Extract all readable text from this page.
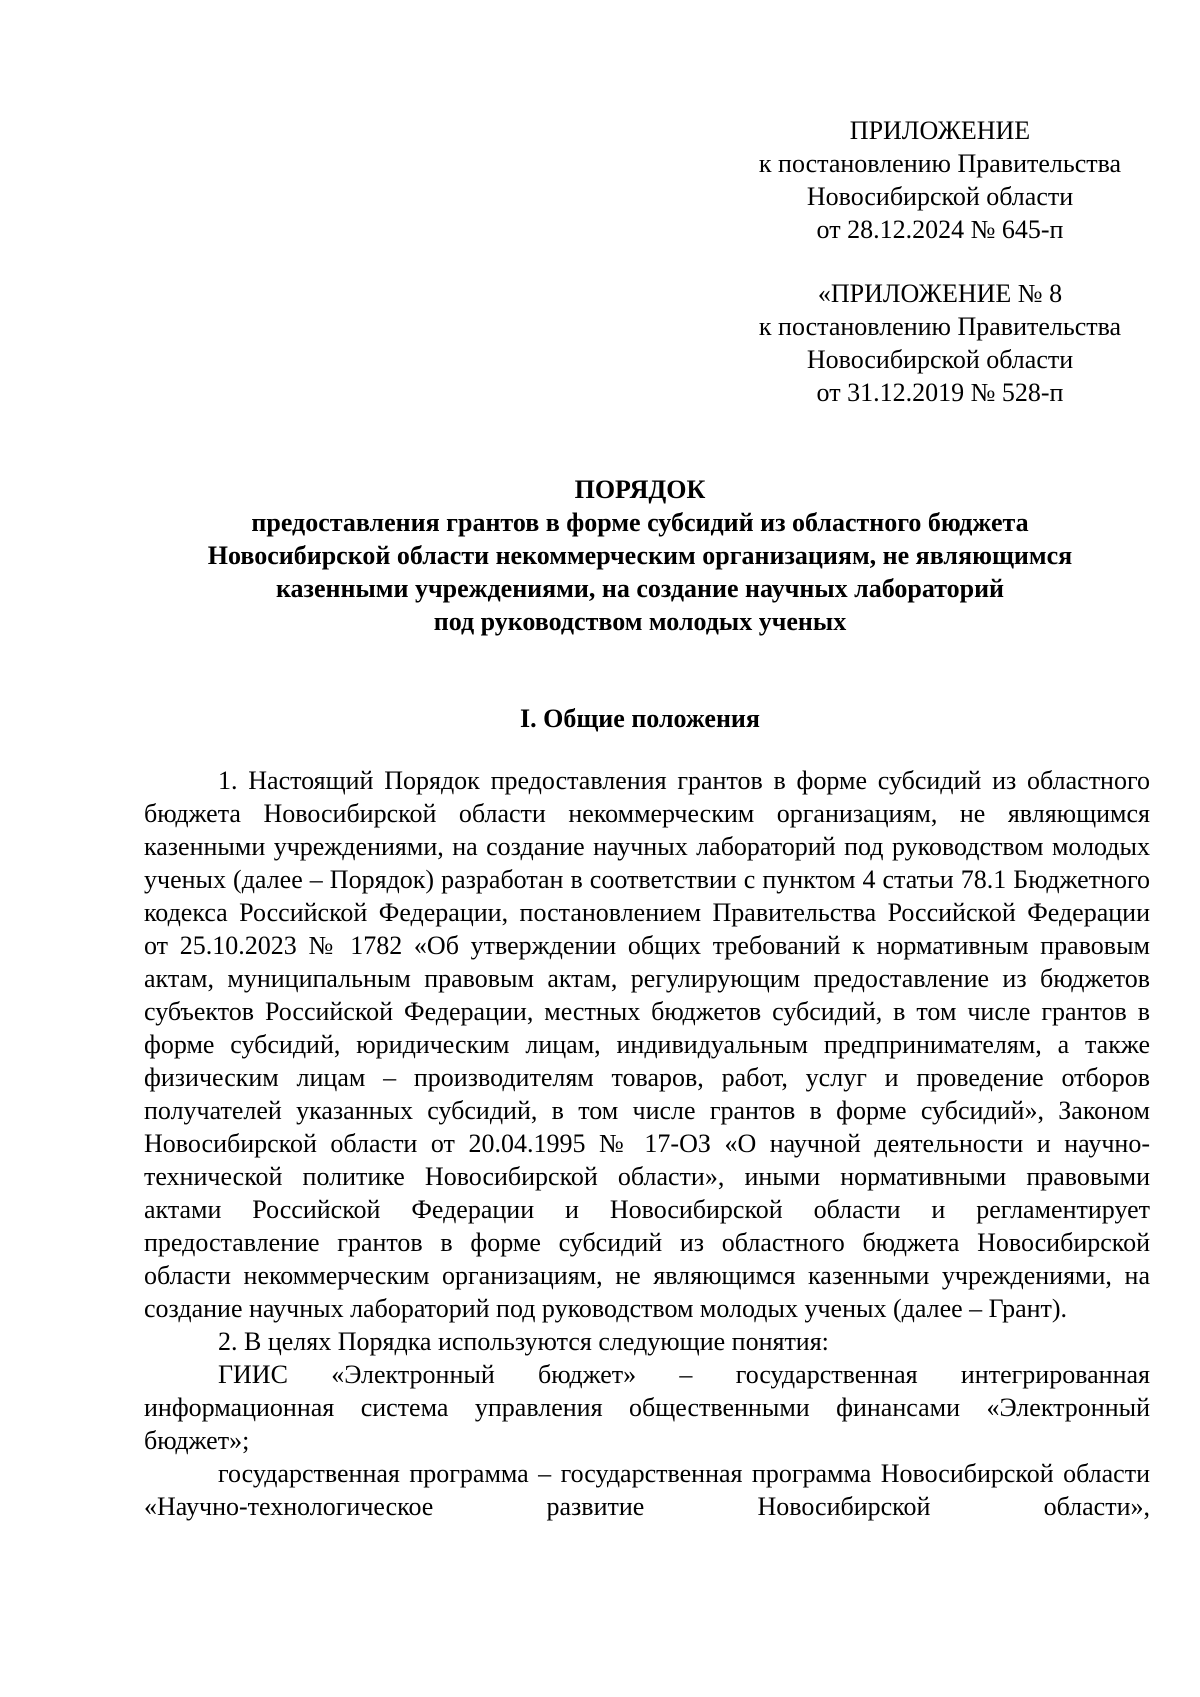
ПРИЛОЖЕНИЕ
к постановлению Правительства
Новосибирской области
от 28.12.2024 № 645-п
«ПРИЛОЖЕНИЕ № 8
к постановлению Правительства
Новосибирской области
от 31.12.2019 № 528-п
ПОРЯДОК
предоставления грантов в форме субсидий из областного бюджета
Новосибирской области некоммерческим организациям, не являющимся
казенными учреждениями, на создание научных лабораторий
под руководством молодых ученых
I. Общие положения

1. Настоящий Порядок предоставления грантов в форме субсидий из областного бюджета Новосибирской области некоммерческим организациям, не являющимся казенными учреждениями, на создание научных лабораторий под руководством молодых ученых (далее – Порядок) разработан в соответствии с пунктом 4 статьи 78.1 Бюджетного кодекса Российской Федерации, постановлением Правительства Российской Федерации от 25.10.2023 № 1782 «Об утверждении общих требований к нормативным правовым актам, муниципальным правовым актам, регулирующим предоставление из бюджетов субъектов Российской Федерации, местных бюджетов субсидий, в том числе грантов в форме субсидий, юридическим лицам, индивидуальным предпринимателям, а также физическим лицам – производителям товаров, работ, услуг и проведение отборов получателей указанных субсидий, в том числе грантов в форме субсидий», Законом Новосибирской области от 20.04.1995 № 17-ОЗ «О научной деятельности и научно-технической политике Новосибирской области», иными нормативными правовыми актами Российской Федерации и Новосибирской области и регламентирует предоставление грантов в форме субсидий из областного бюджета Новосибирской области некоммерческим организациям, не являющимся казенными учреждениями, на создание научных лабораторий под руководством молодых ученых (далее – Грант).

2. В целях Порядка используются следующие понятия:

ГИИС «Электронный бюджет» – государственная интегрированная информационная система управления общественными финансами «Электронный бюджет»;

государственная программа – государственная программа Новосибирской области «Научно-технологическое развитие Новосибирской области»,
